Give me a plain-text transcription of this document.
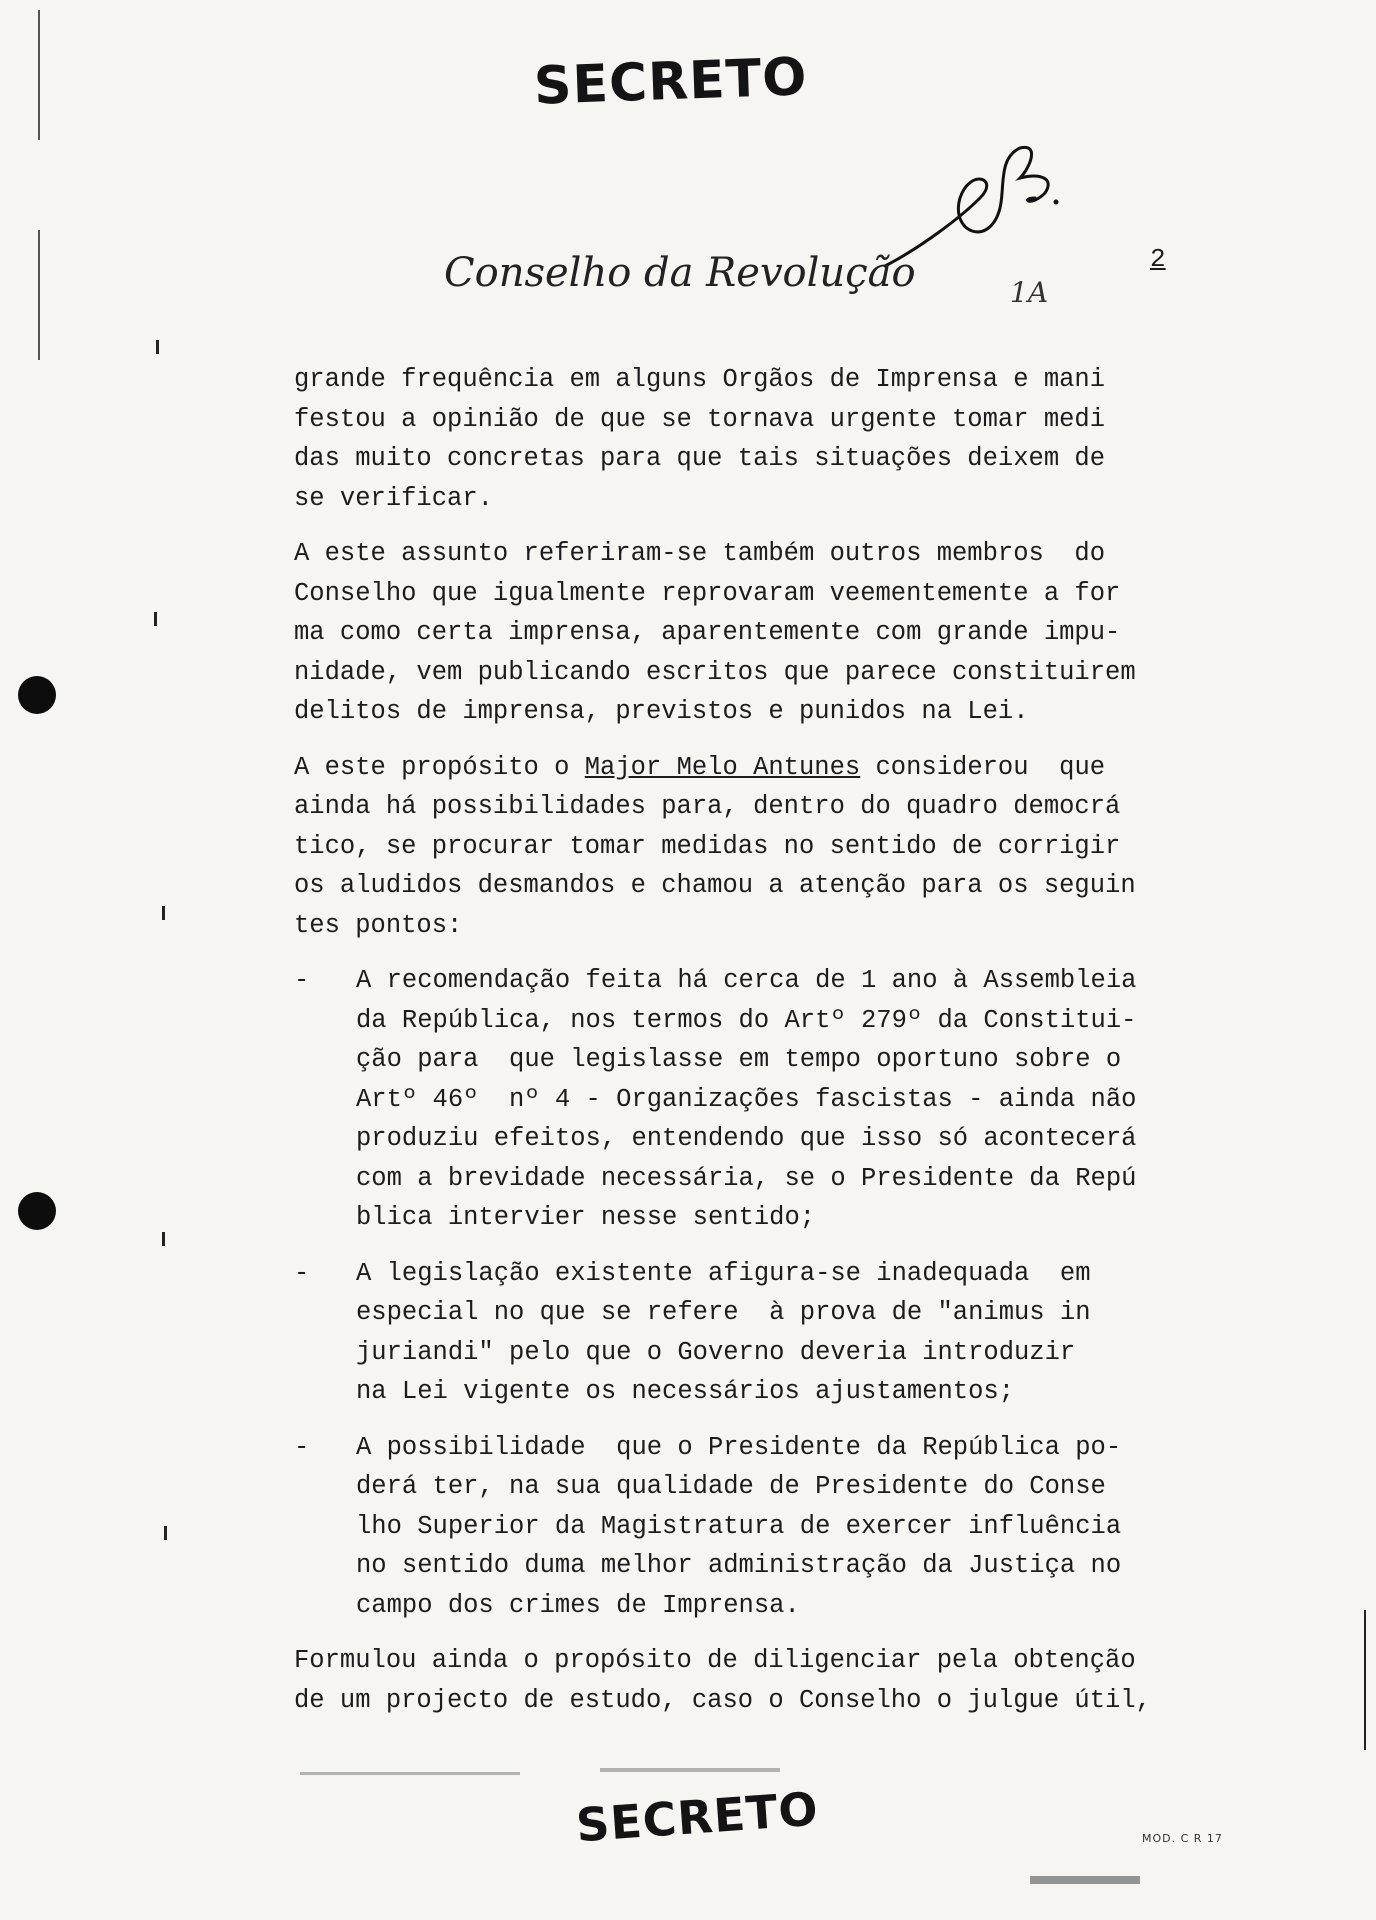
SECRETO
Conselho da Revolução	1A
2
grande frequência em alguns Orgãos de Imprensa e mani
festou a opinião de que se tornava urgente tomar medi
das muito concretas para que tais situações deixem de
se verificar.
A este assunto referiram-se também outros membros  do
Conselho que igualmente reprovaram veementemente a for
ma como certa imprensa, aparentemente com grande impu-
nidade, vem publicando escritos que parece constituirem
delitos de imprensa, previstos e punidos na Lei.
A este propósito o Major Melo Antunes considerou  que
ainda há possibilidades para, dentro do quadro democrá
tico, se procurar tomar medidas no sentido de corrigir
os aludidos desmandos e chamou a atenção para os seguin
tes pontos:
- A recomendação feita há cerca de 1 ano à Assembleia
da República, nos termos do Artº 279º da Constitui-
ção para  que legislasse em tempo oportuno sobre o
Artº 46º  nº 4 - Organizações fascistas - ainda não
produziu efeitos, entendendo que isso só acontecerá
com a brevidade necessária, se o Presidente da Repú
blica intervier nesse sentido;
- A legislação existente afigura-se inadequada  em
especial no que se refere  à prova de "animus in
juriandi" pelo que o Governo deveria introduzir
na Lei vigente os necessários ajustamentos;
- A possibilidade  que o Presidente da República po-
derá ter, na sua qualidade de Presidente do Conse
lho Superior da Magistratura de exercer influência
no sentido duma melhor administração da Justiça no
campo dos crimes de Imprensa.
Formulou ainda o propósito de diligenciar pela obtenção
de um projecto de estudo, caso o Conselho o julgue útil,
SECRETO	MOD. C R 17
